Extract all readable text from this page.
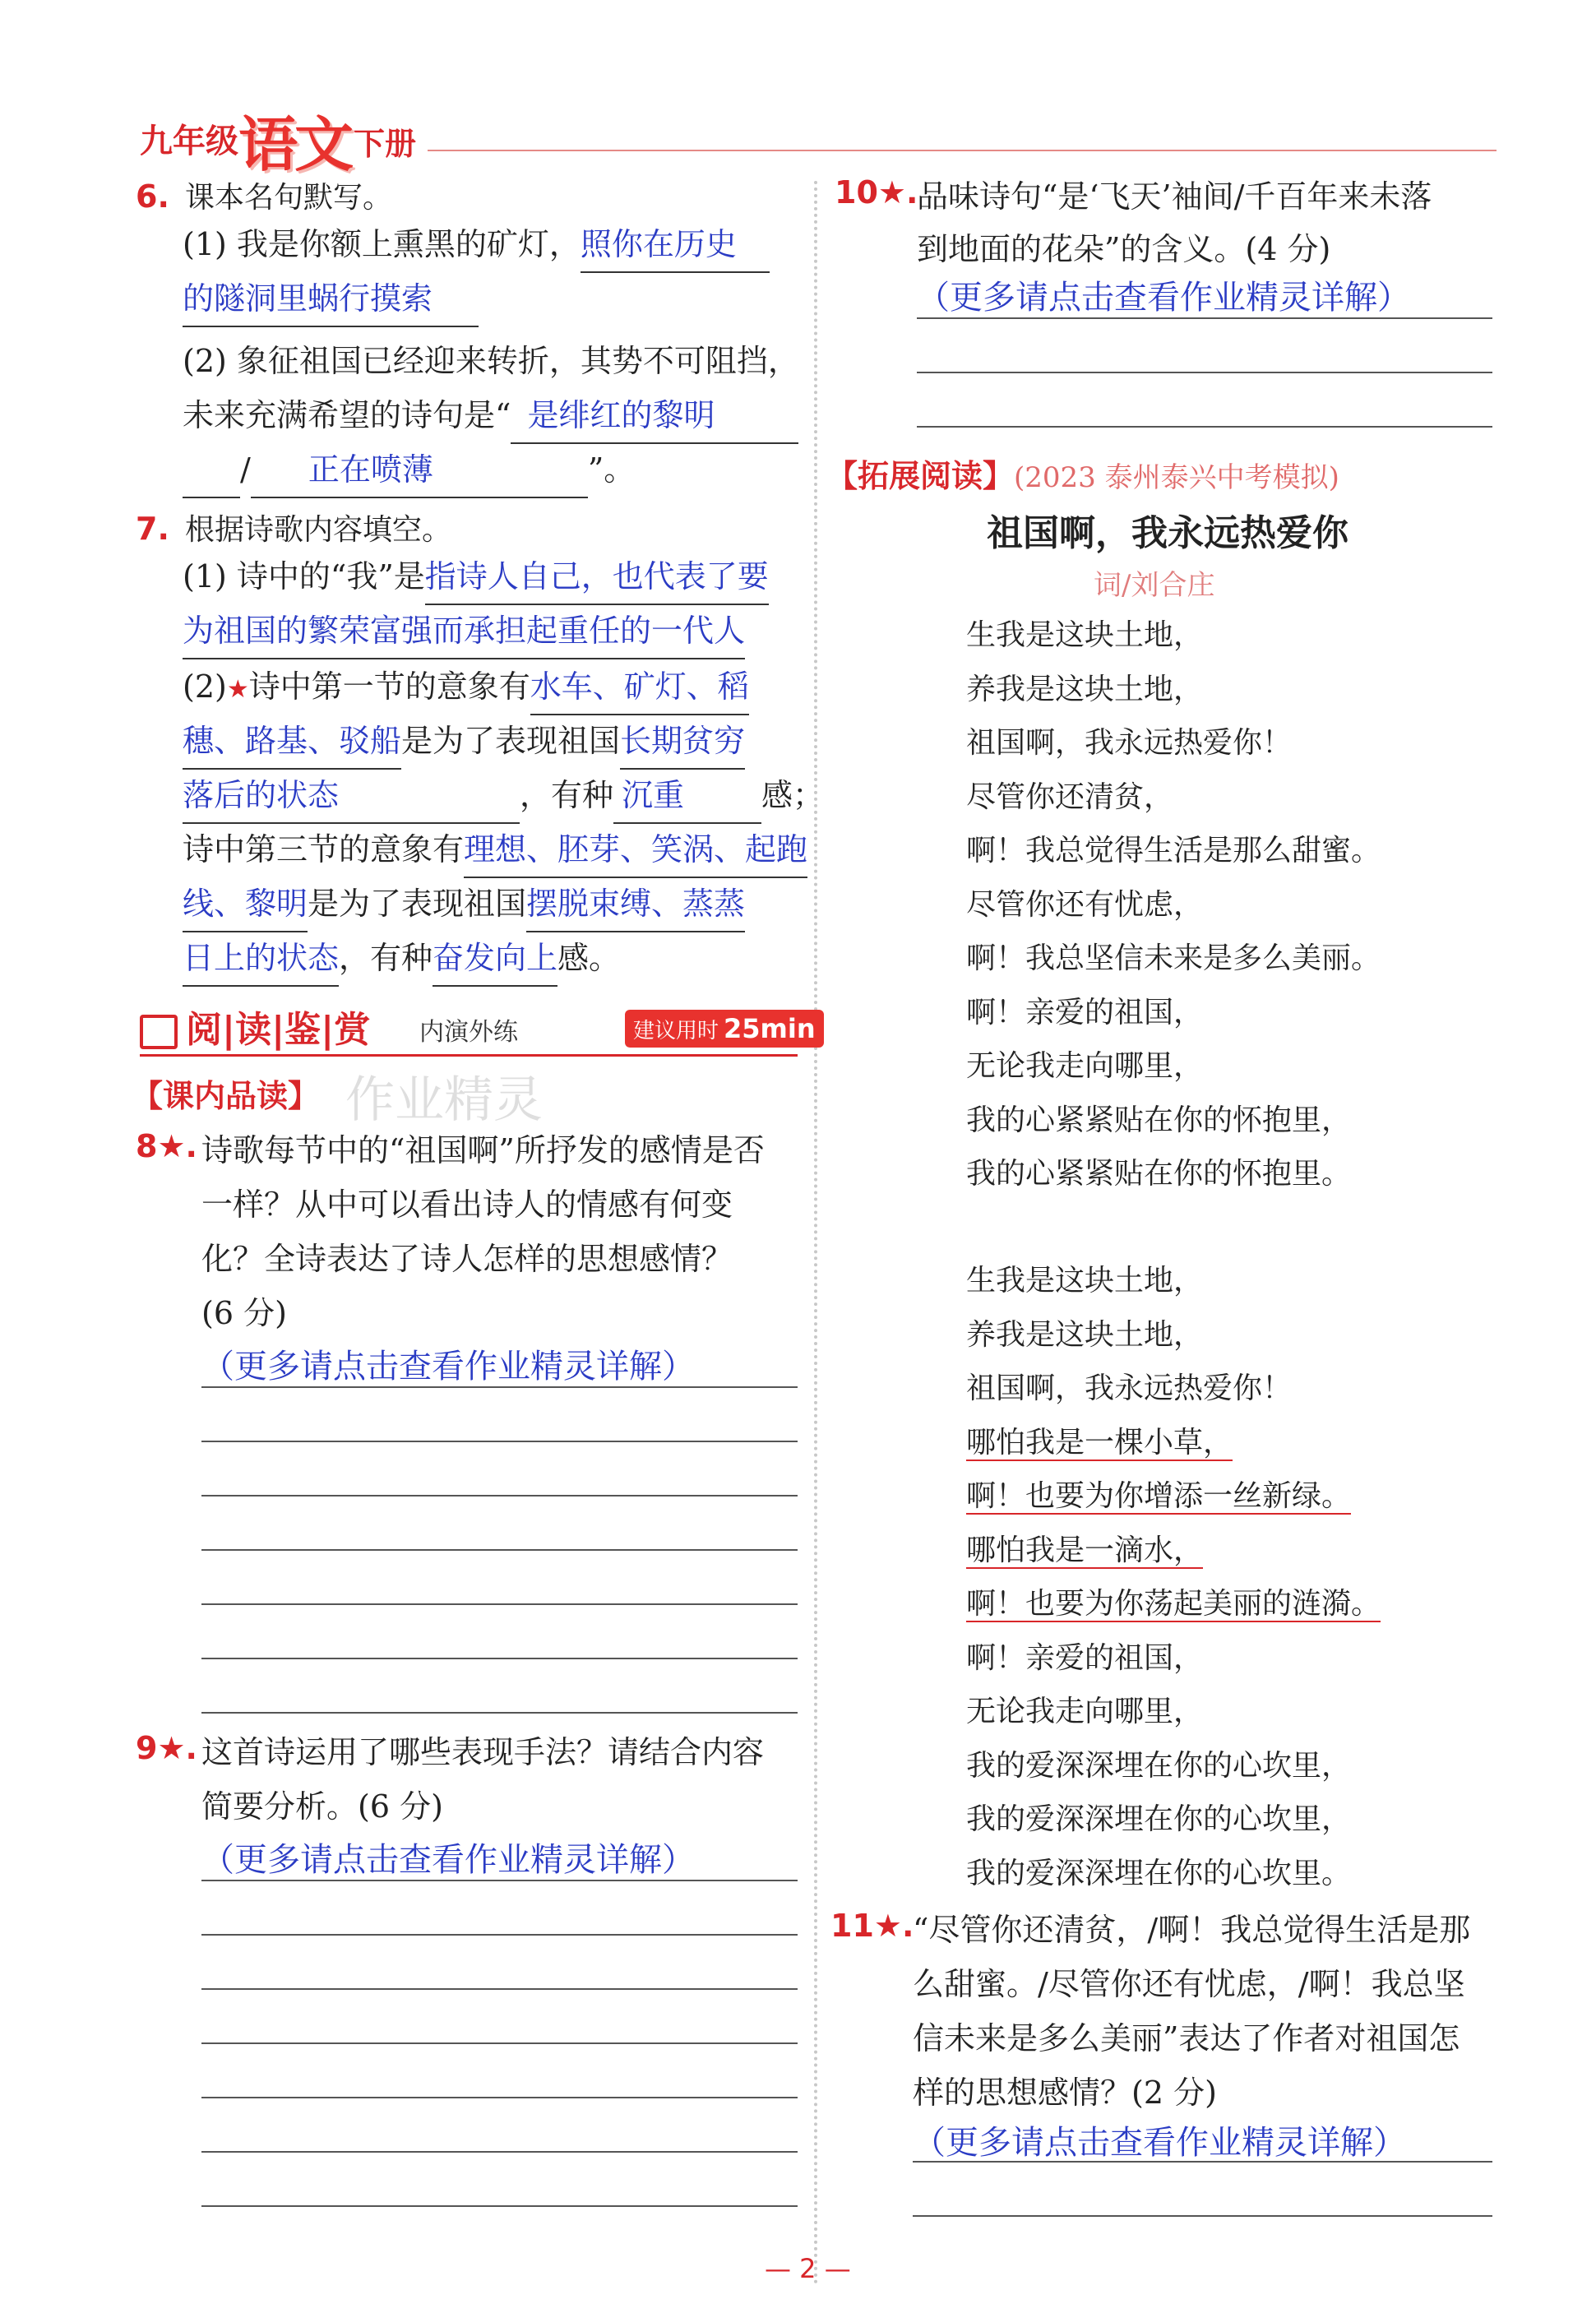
九年级 语文 下册
6. 课本名句默写。
(1) 我是你额上熏黑的矿灯，照你在历史
的隧洞里蜗行摸索
(2) 象征祖国已经迎来转折，其势不可阻挡，
未来充满希望的诗句是“ 是绯红的黎明
/ 正在喷薄	”。
7. 根据诗歌内容填空。
(1) 诗中的“我”是指诗人自己，也代表了要
为祖国的繁荣富强而承担起重任的一代人
(2)★诗中第一节的意象有水车、矿灯、稻
穗、路基、驳船是为了表现祖国长期贫穷
落后的状态	，有种 沉重 感；
诗中第三节的意象有理想、胚芽、笑涡、起跑
线、黎明是为了表现祖国摆脱束缚、蒸蒸
日上的状态，有种奋发向上感。
阅|读|鉴|赏 内演外练	建议用时 25min
【课内品读】 作业精灵
8★. 诗歌每节中的“祖国啊”所抒发的感情是否
一样？从中可以看出诗人的情感有何变
化？全诗表达了诗人怎样的思想感情？
(6 分)
（更多请点击查看作业精灵详解）
9★. 这首诗运用了哪些表现手法？请结合内容
简要分析。(6 分)
（更多请点击查看作业精灵详解）
10★.
品味诗句“是‘飞天’袖间/千百年来未落
到地面的花朵”的含义。(4 分)
（更多请点击查看作业精灵详解）
【拓展阅读】(2023 泰州泰兴中考模拟)
祖国啊，我永远热爱你
词/刘合庄
生我是这块土地，
养我是这块土地，
祖国啊，我永远热爱你！
尽管你还清贫，
啊！我总觉得生活是那么甜蜜。
尽管你还有忧虑，
啊！我总坚信未来是多么美丽。
啊！亲爱的祖国，
无论我走向哪里，
我的心紧紧贴在你的怀抱里，
我的心紧紧贴在你的怀抱里。
生我是这块土地，
养我是这块土地，
祖国啊，我永远热爱你！
哪怕我是一棵小草，
啊！也要为你增添一丝新绿。
哪怕我是一滴水，
啊！也要为你荡起美丽的涟漪。
啊！亲爱的祖国，
无论我走向哪里，
我的爱深深埋在你的心坎里，
我的爱深深埋在你的心坎里，
我的爱深深埋在你的心坎里。
11★.
“尽管你还清贫，/啊！我总觉得生活是那
么甜蜜。/尽管你还有忧虑，/啊！我总坚
信未来是多么美丽”表达了作者对祖国怎
样的思想感情？(2 分)
（更多请点击查看作业精灵详解）
— 2 —
